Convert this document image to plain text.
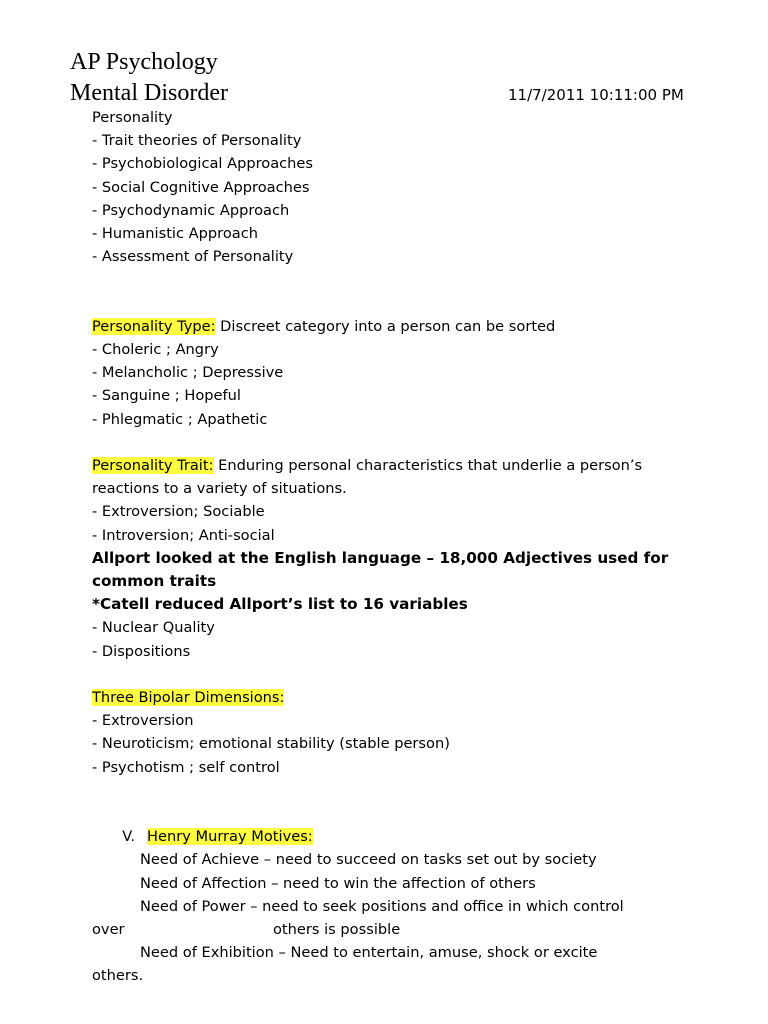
AP Psychology
Mental Disorder	11/7/2011 10:11:00 PM
Personality
- Trait theories of Personality
- Psychobiological Approaches
- Social Cognitive Approaches
- Psychodynamic Approach
- Humanistic Approach
- Assessment of Personality
Personality Type: Discreet category into a person can be sorted
- Choleric ; Angry
- Melancholic ; Depressive
- Sanguine ; Hopeful
- Phlegmatic ; Apathetic
Personality Trait: Enduring personal characteristics that underlie a person’s reactions to a variety of situations.
- Extroversion; Sociable
- Introversion; Anti-social
Allport looked at the English language – 18,000 Adjectives used for common traits
*Catell reduced Allport’s list to 16 variables
- Nuclear Quality
- Dispositions
Three Bipolar Dimensions:
- Extroversion
- Neuroticism; emotional stability (stable person)
- Psychotism ; self control
V. Henry Murray Motives:
Need of Achieve – need to succeed on tasks set out by society
Need of Affection – need to win the affection of others
Need of Power – need to seek positions and office in which control
over	others is possible
Need of Exhibition – Need to entertain, amuse, shock or excite
others.
